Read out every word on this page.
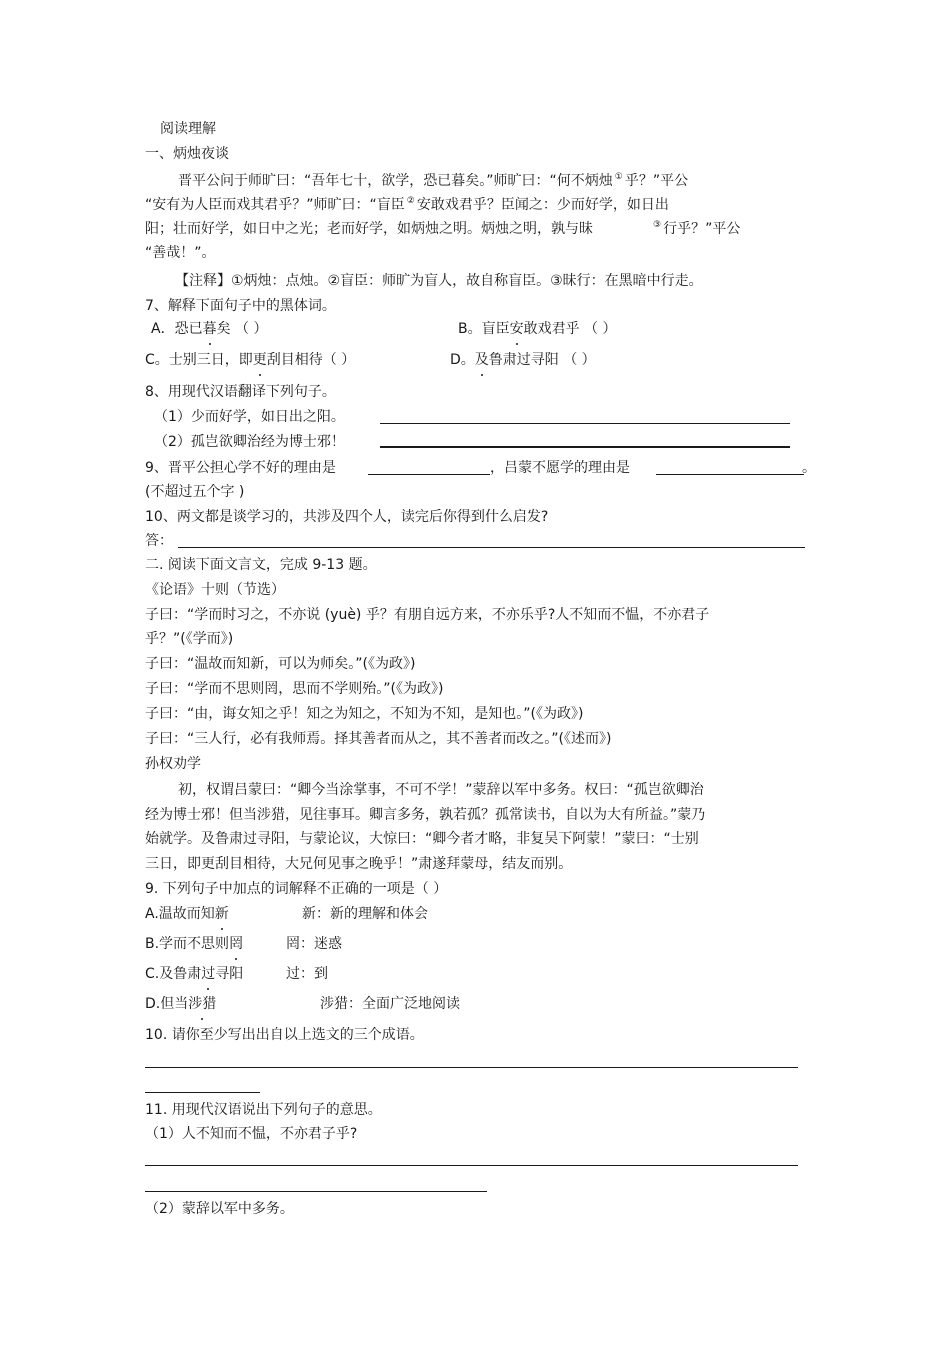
阅读理解
一、炳烛夜谈
晋平公问于师旷曰：“吾年七十，欲学，恐已暮矣。”师旷曰：“何不炳烛 ① 乎？”平公
“安有为人臣而戏其君乎？”师旷曰：“盲臣 ② 安敢戏君乎？臣闻之：少而好学，如日出
阳；壮而好学，如日中之光；老而好学，如炳烛之明。炳烛之明，孰与昧	③ 行乎？”平公
“善哉！”。
【注释】①炳烛：点烛。②盲臣：师旷为盲人，故自称盲臣。③昧行：在黑暗中行走。
7、解释下面句子中的黑体词。
A．恐已暮矣 （ ）	B。盲臣安敢戏君乎 （ ）
C。士别三日，即更刮目相待（ ）	D。及鲁肃过寻阳 （ ）
8、用现代汉语翻译下列句子。
（1）少而好学，如日出之阳。
（2）孤岂欲卿治经为博士邪！
9、晋平公担心学不好的理由是	，吕蒙不愿学的理由是	。
(不超过五个字 )
10、两文都是谈学习的，共涉及四个人，读完后你得到什么启发?
答：
二. 阅读下面文言文，完成 9-13 题。
《论语》十则（节选）
子曰：“学而时习之，不亦说 (yuè) 乎？有朋自远方来，不亦乐乎?人不知而不愠，不亦君子
乎？”(《学而》)
子曰：“温故而知新，可以为师矣。”(《为政》)
子曰：“学而不思则罔，思而不学则殆。”(《为政》)
子曰：“由，诲女知之乎！知之为知之，不知为不知，是知也。”(《为政》)
子曰：“三人行，必有我师焉。择其善者而从之，其不善者而改之。”(《述而》)
孙权劝学
初，权谓吕蒙曰：“卿今当涂掌事，不可不学！”蒙辞以军中多务。权曰：“孤岂欲卿治
经为博士邪！但当涉猎，见往事耳。卿言多务，孰若孤？孤常读书，自以为大有所益。”蒙乃
始就学。及鲁肃过寻阳，与蒙论议，大惊曰：“卿今者才略，非复吴下阿蒙！”蒙曰：“士别
三日，即更刮目相待，大兄何见事之晚乎！”肃遂拜蒙母，结友而别。
9. 下列句子中加点的词解释不正确的一项是（ ）
A.温故而知新	新：新的理解和体会
B.学而不思则罔	罔：迷惑
C.及鲁肃过寻阳	过：到
D.但当涉猎	涉猎：全面广泛地阅读
10. 请你至少写出出自以上选文的三个成语。
11. 用现代汉语说出下列句子的意思。
（1）人不知而不愠，不亦君子乎?
（2）蒙辞以军中多务。
